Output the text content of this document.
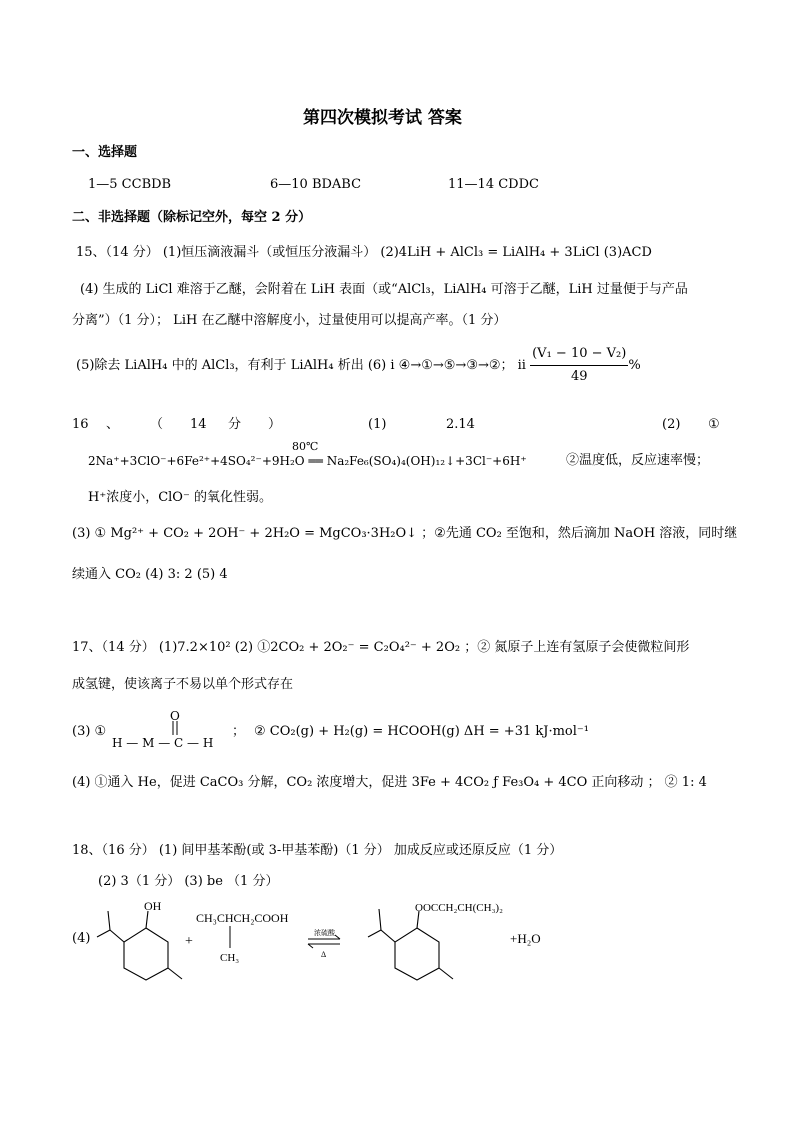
第四次模拟考试 答案
一、选择题
1—5 CCBDB	6—10 BDABC	11—14 CDDC
二、非选择题（除标记空外，每空 2 分）
15、（14 分） (1)恒压滴液漏斗（或恒压分液漏斗） (2)4LiH + AlCl₃ = LiAlH₄ + 3LiCl (3)ACD
(4) 生成的 LiCl 难溶于乙醚，会附着在 LiH 表面（或“AlCl₃，LiAlH₄ 可溶于乙醚，LiH 过量便于与产品
分离”）（1 分）； LiH 在乙醚中溶解度小，过量使用可以提高产率。（1 分）
(5)除去 LiAlH₄ 中的 AlCl₃，有利于 LiAlH₄ 析出 (6) i ④→①→⑤→③→②； ii $\frac{\text{(V₁ − 10 − V₂)}}{49}$ %
16 、 （ 14 分 ）	(1)	2.14	(2) ①
80℃
2Na⁺+3ClO⁻+6Fe²⁺+4SO₄²⁻+9H₂O ══ Na₂Fe₆(SO₄)₄(OH)₁₂↓+3Cl⁻+6H⁺	②温度低，反应速率慢；
H⁺浓度小，ClO⁻ 的氧化性弱。
(3) ① Mg²⁺ + CO₂ + 2OH⁻ + 2H₂O = MgCO₃·3H₂O↓ ；②先通 CO₂ 至饱和，然后滴加 NaOH 溶液，同时继
续通入 CO₂ (4) 3: 2 (5) 4
17、（14 分） (1)7.2×10² (2) ①2CO₂ + 2O₂⁻ = C₂O₄²⁻ + 2O₂ ；② 氮原子上连有氢原子会使微粒间形
成氢键，使该离子不易以单个形式存在
(3) ①
O
H — M — C — H
； ② CO₂(g) + H₂(g) = HCOOH(g) ΔH = +31 kJ·mol⁻¹
(4) ①通入 He，促进 CaCO₃ 分解，CO₂ 浓度增大，促进 3Fe + 4CO₂ ƒ Fe₃O₄ + 4CO 正向移动 ； ② 1: 4
18、（16 分） (1) 间甲基苯酚(或 3-甲基苯酚)（1 分） 加成反应或还原反应（1 分）
(2) 3（1 分） (3) be （1 分）
(4)
OH
+
CH₃CHCH₂COOH
CH₃
浓硫酸
Δ
OOCCH₂CH(CH₃)₂
+H₂O
